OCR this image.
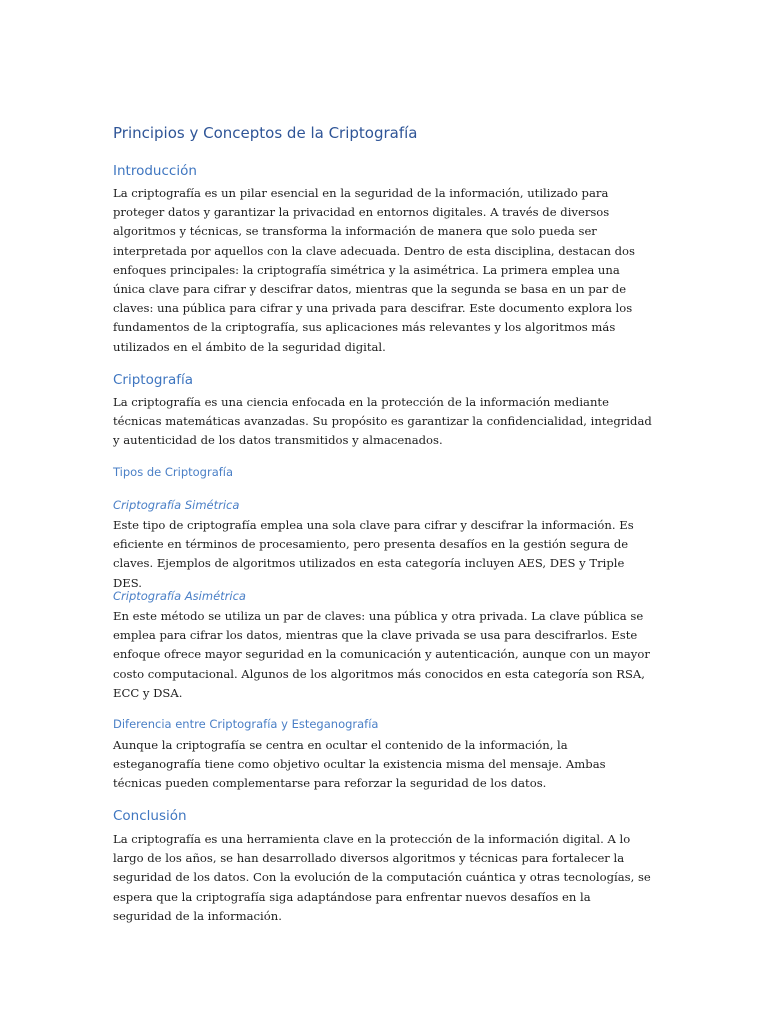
Principios y Conceptos de la Criptografía
Introducción

La criptografía es un pilar esencial en la seguridad de la información, utilizado para proteger datos y garantizar la privacidad en entornos digitales. A través de diversos algoritmos y técnicas, se transforma la información de manera que solo pueda ser interpretada por aquellos con la clave adecuada. Dentro de esta disciplina, destacan dos enfoques principales: la criptografía simétrica y la asimétrica. La primera emplea una única clave para cifrar y descifrar datos, mientras que la segunda se basa en un par de claves: una pública para cifrar y una privada para descifrar. Este documento explora los fundamentos de la criptografía, sus aplicaciones más relevantes y los algoritmos más utilizados en el ámbito de la seguridad digital.

Criptografía

La criptografía es una ciencia enfocada en la protección de la información mediante técnicas matemáticas avanzadas. Su propósito es garantizar la confidencialidad, integridad y autenticidad de los datos transmitidos y almacenados.

Tipos de Criptografía
Criptografía Simétrica

Este tipo de criptografía emplea una sola clave para cifrar y descifrar la información. Es eficiente en términos de procesamiento, pero presenta desafíos en la gestión segura de claves. Ejemplos de algoritmos utilizados en esta categoría incluyen AES, DES y Triple DES.

Criptografía Asimétrica

En este método se utiliza un par de claves: una pública y otra privada. La clave pública se emplea para cifrar los datos, mientras que la clave privada se usa para descifrarlos. Este enfoque ofrece mayor seguridad en la comunicación y autenticación, aunque con un mayor costo computacional. Algunos de los algoritmos más conocidos en esta categoría son RSA, ECC y DSA.

Diferencia entre Criptografía y Esteganografía

Aunque la criptografía se centra en ocultar el contenido de la información, la esteganografía tiene como objetivo ocultar la existencia misma del mensaje. Ambas técnicas pueden complementarse para reforzar la seguridad de los datos.

Conclusión

La criptografía es una herramienta clave en la protección de la información digital. A lo largo de los años, se han desarrollado diversos algoritmos y técnicas para fortalecer la seguridad de los datos. Con la evolución de la computación cuántica y otras tecnologías, se espera que la criptografía siga adaptándose para enfrentar nuevos desafíos en la seguridad de la información.
